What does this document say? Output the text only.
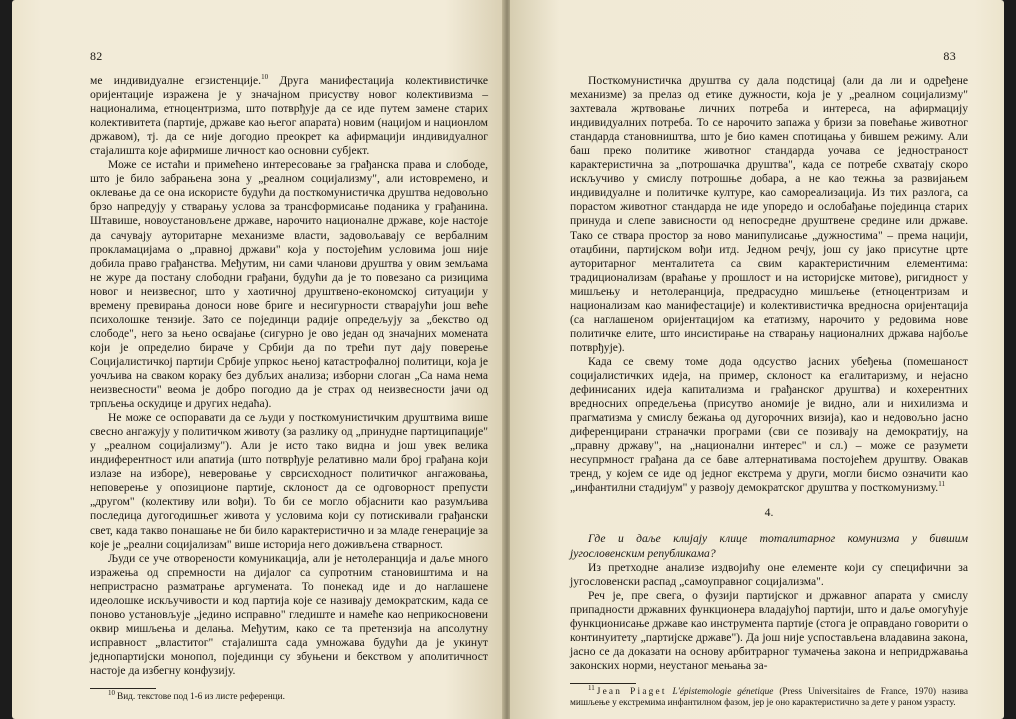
82

ме индивидуалне егзистенције.$^{10}$ Друга манифестација колективистичке оријентације изражена је у значајном присуству новог колективизма – националима, етноцентризма, што потврђује да се иде путем замене старих колективитета (партије, државе као његог апарата) новим (нацијом и национлом државом), тј. да се није догодио преокрет ка афирмацији индивидуалног стајалишта које афирмише личност као основни субјект.

Може се истаћи и примећено интересовање за грађанска права и слободе, што је било забрањена зона у „реалном социјализму", али истовремено, и оклевање да се она искористе будући да посткомунистичка друштва недовољно брзо напредују у стварању услова за трансформисање поданика у грађанина. Штавише, новоустановљене државе, нарочито националне државе, које настоје да сачувају ауторитарне механизме власти, задовољавају се вербалним прокламацијама о „правној држави" која у постојећим условима још није добила право грађанства. Међутим, ни сами чланови друштва у овим земљама не журе да постану слободни грађани, будући да је то повезано са ризицима новог и неизвесног, што у хаотичној друштвено-економској ситуацији у времену превирања доноси нове бриге и несигурности стварајући још веће психолошке тензије. Зато се појединци радије опредељују за „бекство од слободе", него за њено освајање (сигурно је ово један од значајних момената који је определио бираче у Србији да по трећи пут дају поверење Социјалистичкој партији Србије упркос њеној катастрофалној политици, која је уочљива на сваком кораку без дубљих анализа; изборни слоган „Са нама нема неизвесности" веома је добро погодио да је страх од неизвесности јачи од трпљења оскудице и других недаћа).

Не може се оспоравати да се људи у посткомунистичким друштвима више свесно ангажују у политичком животу (за разлику од „принудне партиципације" у „реалном социјализму"). Али је исто тако видна и још увек велика индиферентност или апатија (што потврђује релативно мали број грађана који излазе на изборе), неверовање у сврсисходност политичког ангажовања, неповерење у опозиционе партије, склоност да се одговорност препусти „другом" (колективу или вођи). То би се могло објаснити као разумљива последица дугогодишњег живота у условима који су потискивали грађански свет, када такво понашање не би било карактеристично и за младе генерације за које је „реални социјализам" више историја него доживљена стварност.

Људи се уче отворености комуникација, али је нетолеранција и даље много изражења од спремности на дијалог са супротним становиштима и на непристрасно разматрање аргумената. То понекад иде и до наглашене идеолошке искључивости и код партија које се називају демократским, када се поново установљује „једино исправно" гледиште и намеће као неприкосновени оквир мишљења и делања. Међутим, како се та претензија на апсолутну исправност „властитог" стајалишта сада умножава будући да је укинут једнопартијски монопол, појединци су збуњени и бекством у аполитичност настоје да избегну конфузију.

$^{10}$ Вид. текстове под 1-6 из листе референци.

83

Посткомунистичка друштва су дала подстицај (али да ли и одређене механизме) за прелаз од етике дужности, која је у „реалном социјализму" захтевала жртвовање личних потреба и интереса, на афирмацију индивидуалних потреба. То се нарочито запажа у бризи за повећање животног стандарда становништва, што је био камен спотицања у бившем режиму. Али баш преко политике животног стандарда уочава се једностраност карактеристична за „потрошачка друштва", када се потребе схватају скоро искључиво у смислу потрошње добара, а не као тежња за развијањем индивидуалне и политичке културе, као самореализација. Из тих разлога, са порастом животног стандарда не иде упоредо и ослобађање појединца старих принуда и слепе зависности од непосредне друштвене средине или државе. Тако се ствара простор за ново манипулисање „дужностима" – према нацији, отаџбини, партијском вођи итд. Једном речју, још су јако присутне црте ауторитарног менталитета са свим карактеристичним елементима: традиционализам (враћање у прошлост и на историјске митове), ригидност у мишљењу и нетолеранција, предрасудно мишљење (етноцентризам и национализам као манифестације) и колективистичка вредносна оријентација (са наглашеном оријентацијом ка етатизму, нарочито у редовима нове политичке елите, што инсистирање на стварању националних држава најбоље потврђује).

Када се свему томе дода одсуство јасних убеђења (помешаност социјалистичких идеја, на пример, склоност ка егалитаризму, и нејасно дефинисаних идеја капитализма и грађанског друштва) и кохерентних вредносних опредељења (присутво аномије је видно, али и нихилизма и прагматизма у смислу бежања од дугорочних визија), као и недовољно јасно диференцирани страначки програми (сви се позивају на демократију, на „правну државу", на „национални интерес" и сл.) – може се разумети несупрмност грађана да се баве алтернативама постојећем друштву. Овакав тренд, у којем се иде од једног екстрема у други, могли бисмо означити као „инфантилни стадијум" у развоју демократског друштва у посткомунизму.$^{11}$

4.

Где и даље клијају клице тоталитарног комунизма у бившим југословенским републикама?

Из претходне анализе издвојићу оне елементе који су специфични за југословенски распад „самоуправног социјализма".

Реч је, пре свега, о фузији партијског и државног апарата у смислу припадности државних функционера владајућој партији, што и даље омогућује функционисање државе као инструмента партије (стога је оправдано говорити о континуитету „партијске државе"). Да још није успостављена владавина закона, јасно се да доказати на основу арбитрарног тумачења закона и непридржавања законских норми, неустаног мењања за-

$^{11}$ Jean Piaget L'épistemologie génetique (Press Universitaires de France, 1970) назива мишљење у екстремима инфантилном фазом, јер је оно карактеристично за дете у раном узрасту.
